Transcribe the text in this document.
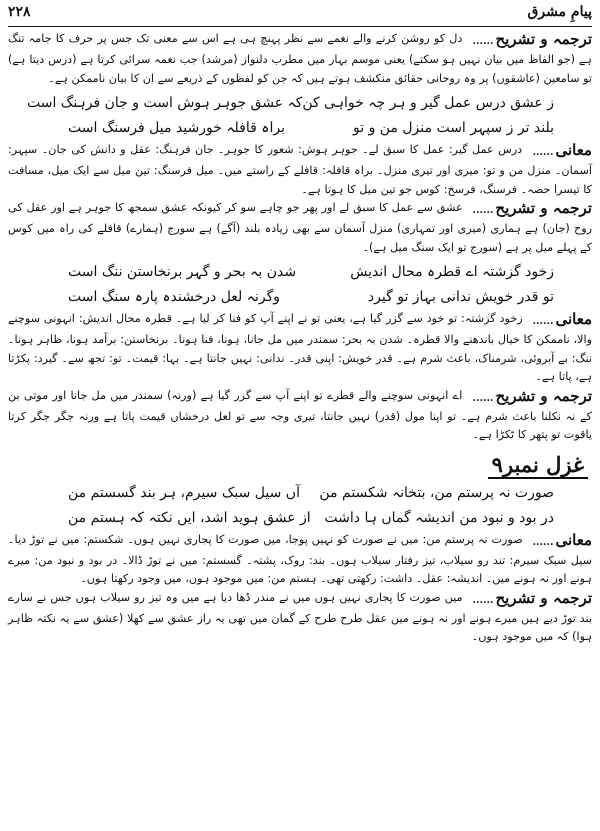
پیامِ مشرق
۲۲۸

ترجمہ و تشریح...... دل کو روشن کرنے والے نغمے سے نظر پہنچ ہی ہے اس سے معنی تک جس پر حرف کا جامہ تنگ ہے (جو الفاظ میں بیان نہیں ہو سکتے) یعنی موسم بہار میں مطرب دلنواز (مرشد) جب نغمہ سرائی کرتا ہے (درس دیتا ہے) تو سامعین (عاشقوں) پر وہ روحانی حقائق منکشف ہوتے ہیں کہ جن کو لفظوں کے ذریعے سے ان کا بیان ناممکن ہے۔

ز عشق درس عمل گیر و ہر چہ خواہی کن
کہ عشق جوہر ہوش است و جان فرہنگ است
بلند تر ز سپہر است منزل من و تو
براہ قافلہ خورشید میل فرسنگ است

معانی...... درس عمل گیر: عمل کا سبق لے۔ جوہر ہوش: شعور کا جوہر۔ جان فرہنگ: عقل و دانش کی جان۔ سپہر: آسمان۔ منزل من و تو: میری اور تیری منزل۔ براہ قافلہ: قافلے کے راستے میں۔ میل فرسنگ: تین میل سے ایک میل، مسافت کا تیسرا حصہ۔ فرسنگ، فرسخ: کوس جو تین میل کا ہوتا ہے۔

ترجمہ و تشریح...... عشق سے عمل کا سبق لے اور پھر جو چاہے سو کر کیونکہ عشق سمجھ کا جوہر ہے اور عقل کی روح (جان) ہے ہماری (میری اور تمہاری) منزل آسمان سے بھی زیادہ بلند (آگے) ہے سورج (ہمارے) قافلے کی راہ میں کوس کے پہلے میل پر ہے (سورج تو ایک سنگ میل ہے)۔

زخود گزشتہ اے قطرہ محال اندیش
شدن بہ بحر و گہر برنخاستن ننگ است
تو قدر خویش ندانی بہاز تو گیرد
وگرنہ لعل درخشندہ پارہ سنگ است

معانی...... زخود گزشتہ: تو خود سے گزر گیا ہے، یعنی تو نے اپنے آپ کو فنا کر لیا ہے۔ قطرہ محال اندیش: انہونی سوچنے والا، ناممکن کا خیال باندھنے والا قطرہ۔ شدن بہ بحر: سمندر میں مل جانا، ہونا، فنا ہونا۔ برنخاستن: برآمد ہونا، ظاہر ہونا۔ ننگ: بے آبروئی، شرمناک، باعث شرم ہے۔ قدر خویش: اپنی قدر۔ ندانی: نہیں جانتا ہے۔ بہا: قیمت۔ تو: تجھ سے۔ گیرد: پکڑتا ہے، پاتا ہے۔

ترجمہ و تشریح...... اے انہونی سوچنے والے قطرے تو اپنے آپ سے گزر گیا ہے (ورنہ) سمندر میں مل جانا اور موتی بن کے نہ نکلنا باعث شرم ہے۔ تو اپنا مول (قدر) نہیں جانتا، تیری وجہ سے تو لعل درخشاں قیمت پاتا ہے ورنہ جگر جگر کرتا یاقوت تو پتھر کا ٹکڑا ہے۔

غزل نمبر۹
صورت نہ پرستم من، بتخانہ شکستم من
آں سیل سبک سیرم، ہر بند گسستم من
در بود و نبود من اندیشہ گماں ہا داشت
از عشق ہوید اشد، ایں نکتہ کہ ہستم من

معانی...... صورت نہ پرستم من: میں نے صورت کو نہیں پوجا، میں صورت کا پجاری نہیں ہوں۔ شکستم: میں نے توڑ دیا۔ سیل سبک سیرم: تند رو سیلاب، تیز رفتار سیلاب ہوں۔ بند: روک، پشتہ۔ گسستم: میں نے توڑ ڈالا۔ در بود و نبود من: میرے ہونے اور نہ ہونے میں۔ اندیشہ: عقل۔ داشت: رکھتی تھی۔ ہستم من: میں موجود ہوں، میں وجود رکھتا ہوں۔

ترجمہ و تشریح...... میں صورت کا پجاری نہیں ہوں میں نے مندر ڈھا دیا ہے میں وہ تیز رو سیلاب ہوں جس نے سارے بند توڑ دیے ہیں میرے ہونے اور نہ ہونے میں عقل طرح طرح کے گمان میں تھی یہ راز عشق سے کھلا (عشق سے یہ نکتہ ظاہر ہوا) کہ میں موجود ہوں۔
